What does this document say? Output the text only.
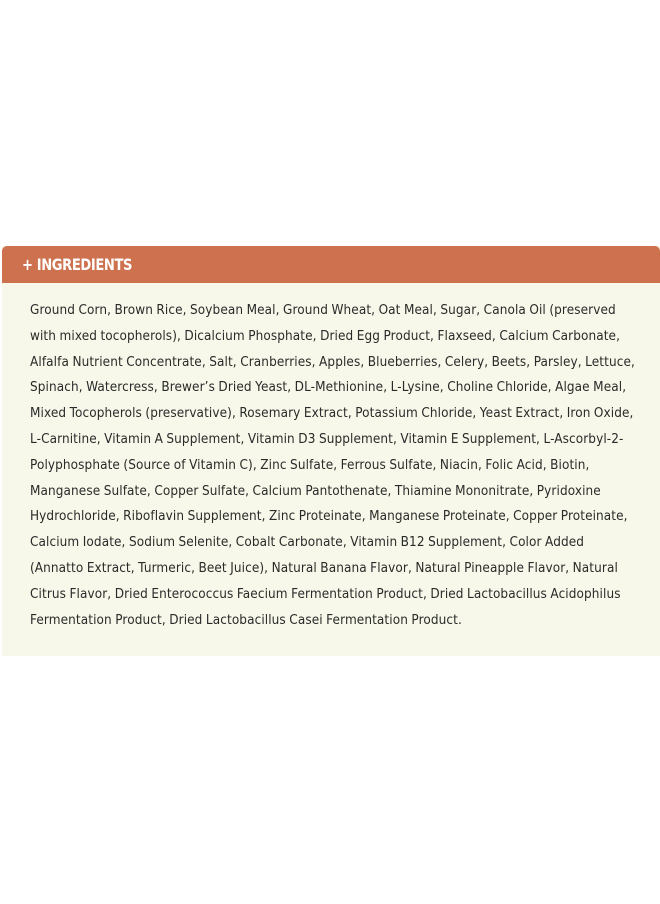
+ INGREDIENTS

Ground Corn, Brown Rice, Soybean Meal, Ground Wheat, Oat Meal, Sugar, Canola Oil (preserved with mixed tocopherols), Dicalcium Phosphate, Dried Egg Product, Flaxseed, Calcium Carbonate, Alfalfa Nutrient Concentrate, Salt, Cranberries, Apples, Blueberries, Celery, Beets, Parsley, Lettuce, Spinach, Watercress, Brewer’s Dried Yeast, DL-Methionine, L-Lysine, Choline Chloride, Algae Meal, Mixed Tocopherols (preservative), Rosemary Extract, Potassium Chloride, Yeast Extract, Iron Oxide, L-Carnitine, Vitamin A Supplement, Vitamin D3 Supplement, Vitamin E Supplement, L-Ascorbyl-2-Polyphosphate (Source of Vitamin C), Zinc Sulfate, Ferrous Sulfate, Niacin, Folic Acid, Biotin, Manganese Sulfate, Copper Sulfate, Calcium Pantothenate, Thiamine Mononitrate, Pyridoxine Hydrochloride, Riboflavin Supplement, Zinc Proteinate, Manganese Proteinate, Copper Proteinate, Calcium Iodate, Sodium Selenite, Cobalt Carbonate, Vitamin B12 Supplement, Color Added (Annatto Extract, Turmeric, Beet Juice), Natural Banana Flavor, Natural Pineapple Flavor, Natural Citrus Flavor, Dried Enterococcus Faecium Fermentation Product, Dried Lactobacillus Acidophilus Fermentation Product, Dried Lactobacillus Casei Fermentation Product.
